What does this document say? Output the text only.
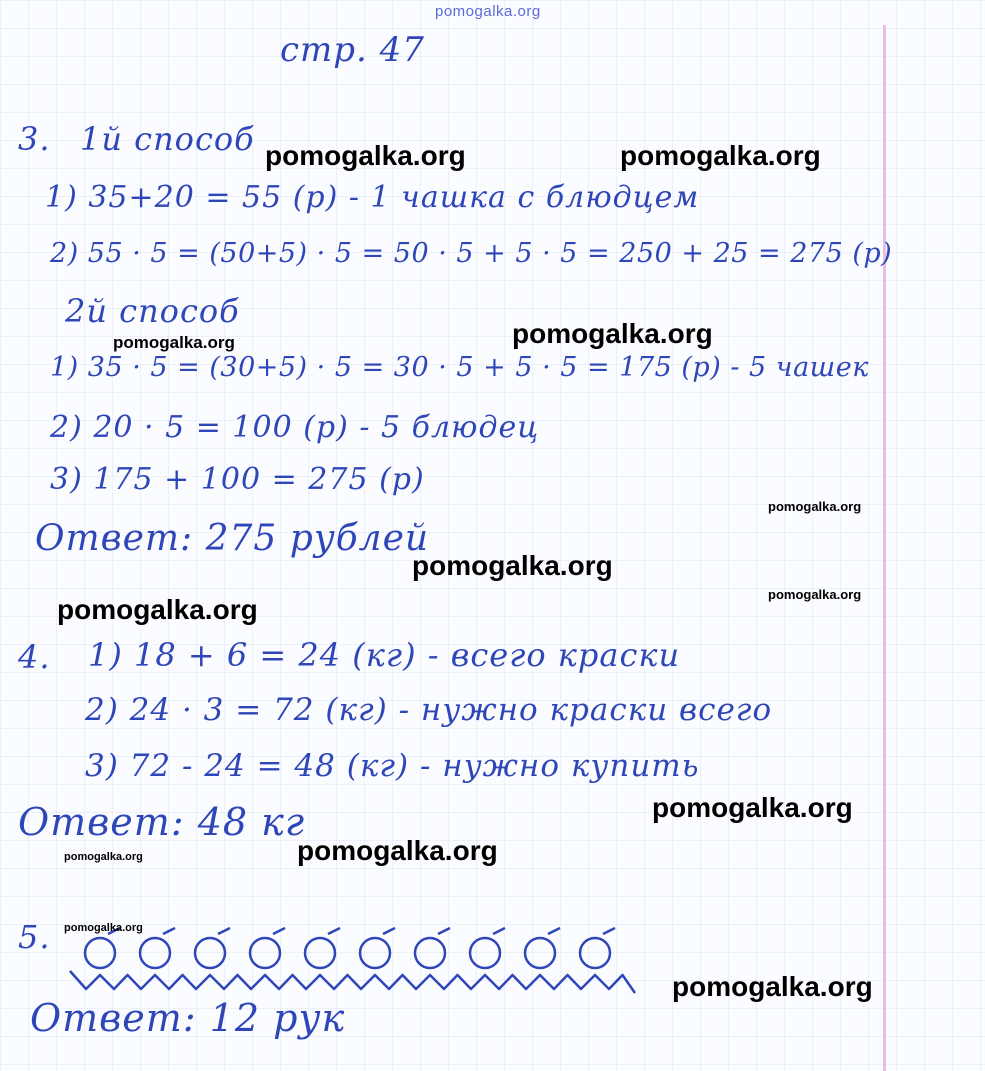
стр. 47
3. 1й способ
1) 35+20 = 55 (р) - 1 чашка с блюдцем
2) 55 · 5 = (50+5) · 5 = 50 · 5 + 5 · 5 = 250 + 25 = 275 (р)
2й способ
1) 35 · 5 = (30+5) · 5 = 30 · 5 + 5 · 5 = 175 (р) - 5 чашек
2) 20 · 5 = 100 (р) - 5 блюдец
3) 175 + 100 = 275 (р)
Ответ: 275 рублей
4. 1) 18 + 6 = 24 (кг) - всего краски
2) 24 · 3 = 72 (кг) - нужно краски всего
3) 72 - 24 = 48 (кг) - нужно купить
Ответ: 48 кг
5.
Ответ: 12 рук
pomogalka.org
pomogalka.org	pomogalka.org
pomogalka.org	pomogalka.org
pomogalka.org
pomogalka.org
pomogalka.org
pomogalka.org
pomogalka.org
pomogalka.org
pomogalka.org
pomogalka.org
pomogalka.org
